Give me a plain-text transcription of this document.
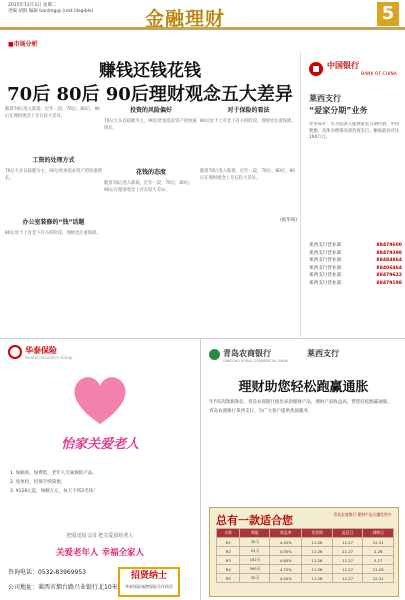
2015年11月3日 星期二
责编 胡阳 编辑 tianlmg@ (rest illegible)	金融理财	5
■市场分析
赚钱还钱花钱
70后 80后 90后理财观念五大差异
随着70后进入职场，近年一段，70后、80后、90后在理财观念上存在较大差异。
工资的处理方式
70后大多以稳健为主，90后更加追求资产的快速增长。
办公室装修的“钱”话题
80后处于上有老下有小的阶段，理财更注重保障。
投资的风险偏好
70后大多以稳健为主，90后更加追求资产的快速增长。
花钱的态度
随着70后进入职场，近年一段，70后、80后、90后在理财观念上存在较大差异。
对于保险的看法
80后处于上有老下有小的阶段，理财更注重保障。
随着70后进入职场，近年一段，70后、80后、90后在理财观念上存在较大差异。
(据华商)
中国银行
BANK OF CHINA
莱西支行
“爱家分期”业务
业务简介：可为借款人提供家装分期付款，申请便捷。具体办理情况请咨询支行。额度最高可达100万元。
莱西支行营业部	88479600
莱西支行营业部	88479398
莱西支行营业部	88484864
莱西支行营业部	88406464
莱西支行营业部	88479622
莱西支行营业部	88479198
华泰保险
Huatai Insurance Group
怡家关爱老人
1. 保额高，保费低，老年人专属保险产品。
2. 免体检，投保手续简便。
3. ¥128元起，保额万元，每天不到3毛钱！
把爱送给父母 把关爱留给老人
关爱老年人 幸福全家人
咨询电话：0532-83969953
公司地址：莱西市烟台路兴业银行北10米
招贤纳士
华泰保险诚聘保险合作伙伴
青岛农商银行	莱西支行
QINGDAO RURAL COMMERCIAL BANK
理财助您轻松跑赢通胀

年内5次降准降息，青岛农商银行推出多款理财产品，理财产品收益高，帮您轻松跑赢通胀。

青岛农商银行莱西支行，为广大客户提供优质服务。

总有一款适合您	青岛农商银行 理财产品火爆发售中
名称	期限	收益率	发售期	起息日	到期日
R1	35天	4.45%	11.26	11.27	12.31
R2	91天	4.50%	11.26	11.27	2.26
R3	182天	4.65%	11.26	11.27	5.27
R4	365天	4.75%	11.26	11.27	11.26
R5	35天	4.40%	11.26	11.27	12.31
